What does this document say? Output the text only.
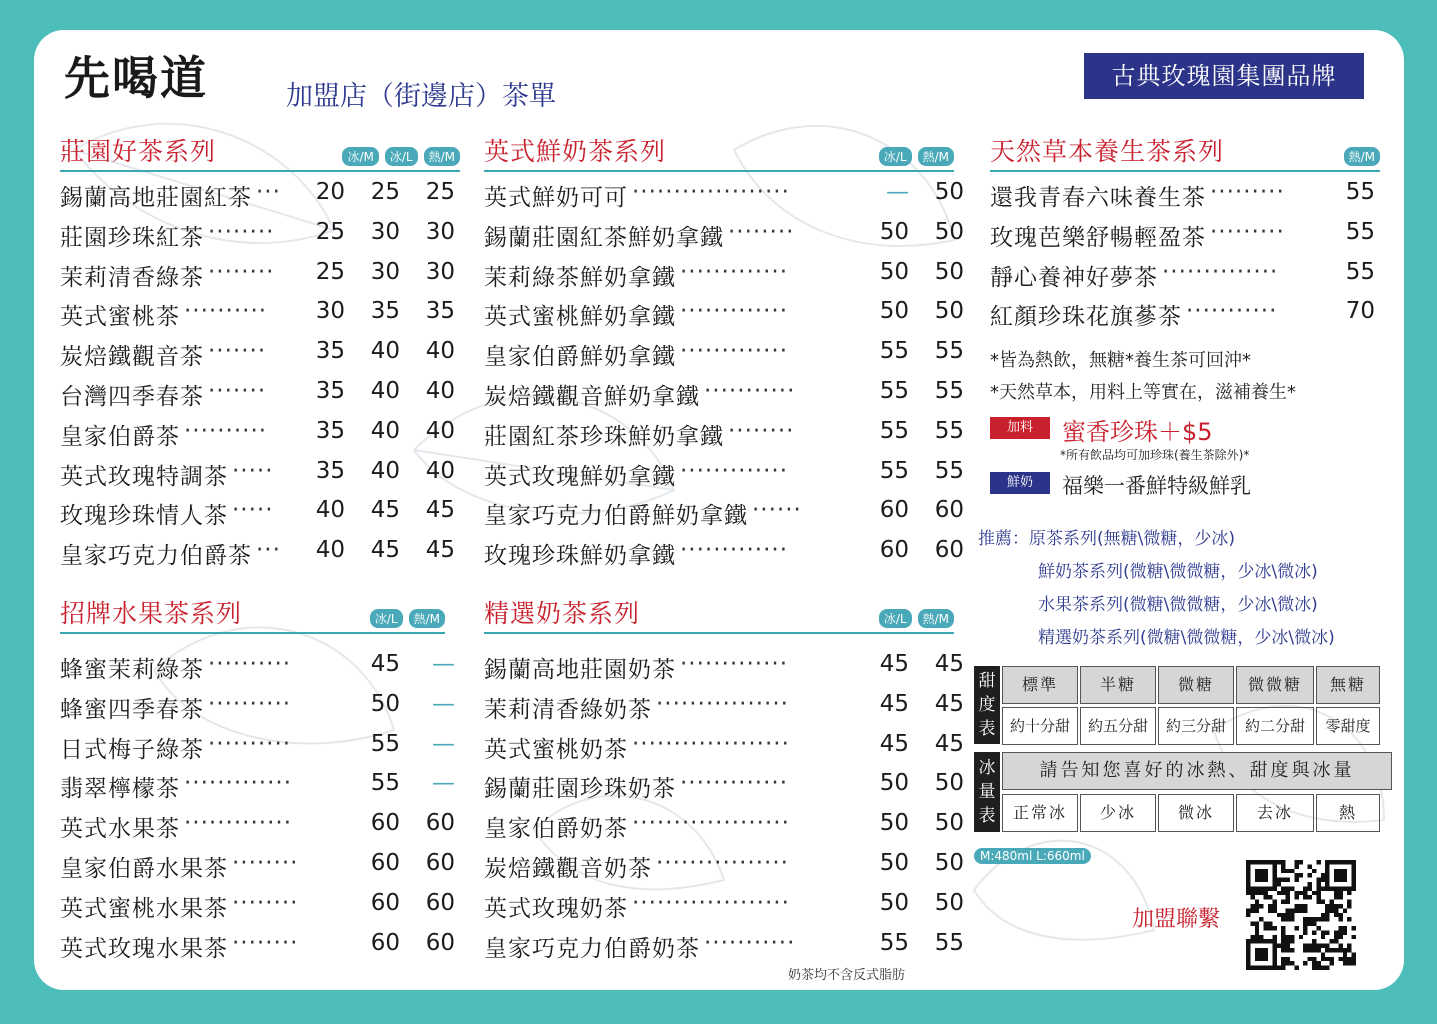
先喝道	加盟店（街邊店）茶單
古典玫瑰園集團品牌
莊園好茶系列	冰/M	冰/L	熱/M
錫蘭高地莊園紅茶 ···	20	25	25
莊園珍珠紅茶 ········	25	30	30
茉莉清香綠茶 ········	25	30	30
英式蜜桃茶 ··········	30	35	35
炭焙鐵觀音茶 ·······	35	40	40
台灣四季春茶 ·······	35	40	40
皇家伯爵茶 ··········	35	40	40
英式玫瑰特調茶 ·····	35	40	40
玫瑰珍珠情人茶 ·····	40	45	45
皇家巧克力伯爵茶 ···	40	45	45
英式鮮奶茶系列	冰/L	熱/M
英式鮮奶可可 ···················	—	50
錫蘭莊園紅茶鮮奶拿鐵 ········	50	50
茉莉綠茶鮮奶拿鐵 ·············	50	50
英式蜜桃鮮奶拿鐵 ·············	50	50
皇家伯爵鮮奶拿鐵 ·············	55	55
炭焙鐵觀音鮮奶拿鐵 ···········	55	55
莊園紅茶珍珠鮮奶拿鐵 ········	55	55
英式玫瑰鮮奶拿鐵 ·············	55	55
皇家巧克力伯爵鮮奶拿鐵 ······	60	60
玫瑰珍珠鮮奶拿鐵 ·············	60	60
天然草本養生茶系列	熱/M
還我青春六味養生茶 ·········	55
玫瑰芭樂舒暢輕盈茶 ·········	55
靜心養神好夢茶 ··············	55
紅顏珍珠花旗蔘茶 ···········	70
招牌水果茶系列	冰/L	熱/M
蜂蜜茉莉綠茶 ··········	45	—
蜂蜜四季春茶 ··········	50	—
日式梅子綠茶 ··········	55	—
翡翠檸檬茶 ·············	55	—
英式水果茶 ·············	60	60
皇家伯爵水果茶 ········	60	60
英式蜜桃水果茶 ········	60	60
英式玫瑰水果茶 ········	60	60
精選奶茶系列	冰/L	熱/M
錫蘭高地莊園奶茶 ·············	45	45
茉莉清香綠奶茶 ················	45	45
英式蜜桃奶茶 ···················	45	45
錫蘭莊園珍珠奶茶 ·············	50	50
皇家伯爵奶茶 ···················	50	50
炭焙鐵觀音奶茶 ················	50	50
英式玫瑰奶茶 ···················	50	50
皇家巧克力伯爵奶茶 ···········	55	55
*皆為熱飲，無糖*養生茶可回沖*
*天然草本，用料上等實在，滋補養生*
加料	蜜香珍珠＋$5
*所有飲品均可加珍珠(養生茶除外)*
鮮奶	福樂一番鮮特級鮮乳
推薦：原茶系列(無糖\微糖，少冰)
鮮奶茶系列(微糖\微微糖，少冰\微冰)
水果茶系列(微糖\微微糖，少冰\微冰)
精選奶茶系列(微糖\微微糖，少冰\微冰)
甜度表
標準	半糖	微糖	微微糖	無糖
約十分甜	約五分甜	約三分甜	約二分甜	零甜度
冰量表
請告知您喜好的冰熱、甜度與冰量
正常冰	少冰	微冰	去冰	熱
M:480ml L:660ml
加盟聯繫
奶茶均不含反式脂肪
